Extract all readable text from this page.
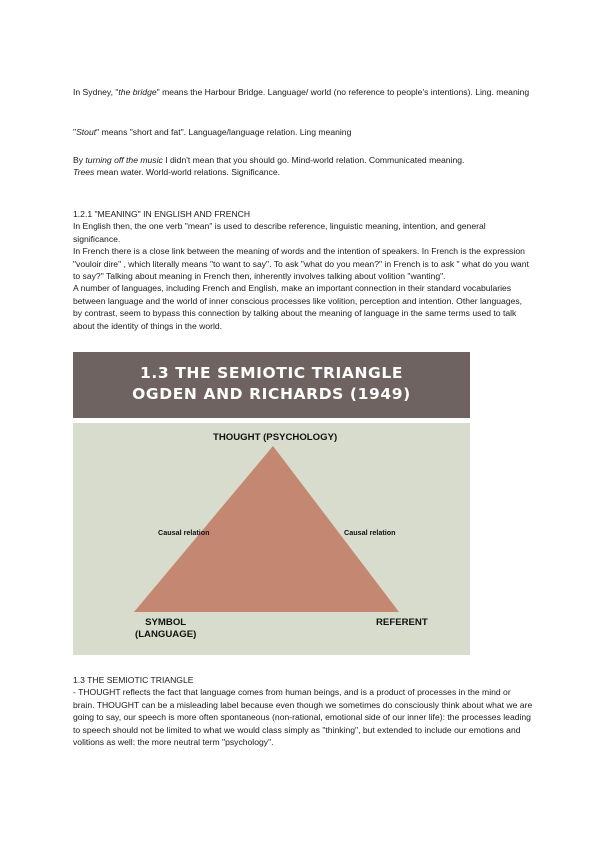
In Sydney, "the bridge" means the Harbour Bridge. Language/ world (no reference to people's intentions). Ling. meaning

"Stout" means "short and fat". Language/language relation. Ling meaning

By turning off the music I didn't mean that you should go. Mind-world relation. Communicated meaning.

Trees mean water. World-world relations. Significance.

1.2.1 "MEANING" IN ENGLISH AND FRENCH

In English then, the one verb "mean" is used to describe reference, linguistic meaning, intention, and general significance.

In French there is a close link between the meaning of words and the intention of speakers. In French is the expression "vouloir dire" , which literally means "to want to say". To ask "what do you mean?" in French is to ask " what do you want to say?" Talking about meaning in French then, inherently involves talking about volition "wanting".

A number of languages, including French and English, make an important connection in their standard vocabularies between language and the world of inner conscious processes like volition, perception and intention. Other languages, by contrast, seem to bypass this connection by talking about the meaning of language in the same terms used to talk about the identity of things in the world.

1.3 THE SEMIOTIC TRIANGLE
OGDEN AND RICHARDS (1949)
THOUGHT (PSYCHOLOGY)
Causal relation	Causal relation
SYMBOL
(LANGUAGE)
REFERENT

1.3 THE SEMIOTIC TRIANGLE

- THOUGHT reflects the fact that language comes from human beings, and is a product of processes in the mind or brain. THOUGHT can be a misleading label because even though we sometimes do consciously think about what we are going to say, our speech is more often spontaneous (non-rational, emotional side of our inner life): the processes leading to speech should not be limited to what we would class simply as "thinking", but extended to include our emotions and volitions as well: the more neutral term "psychology".
